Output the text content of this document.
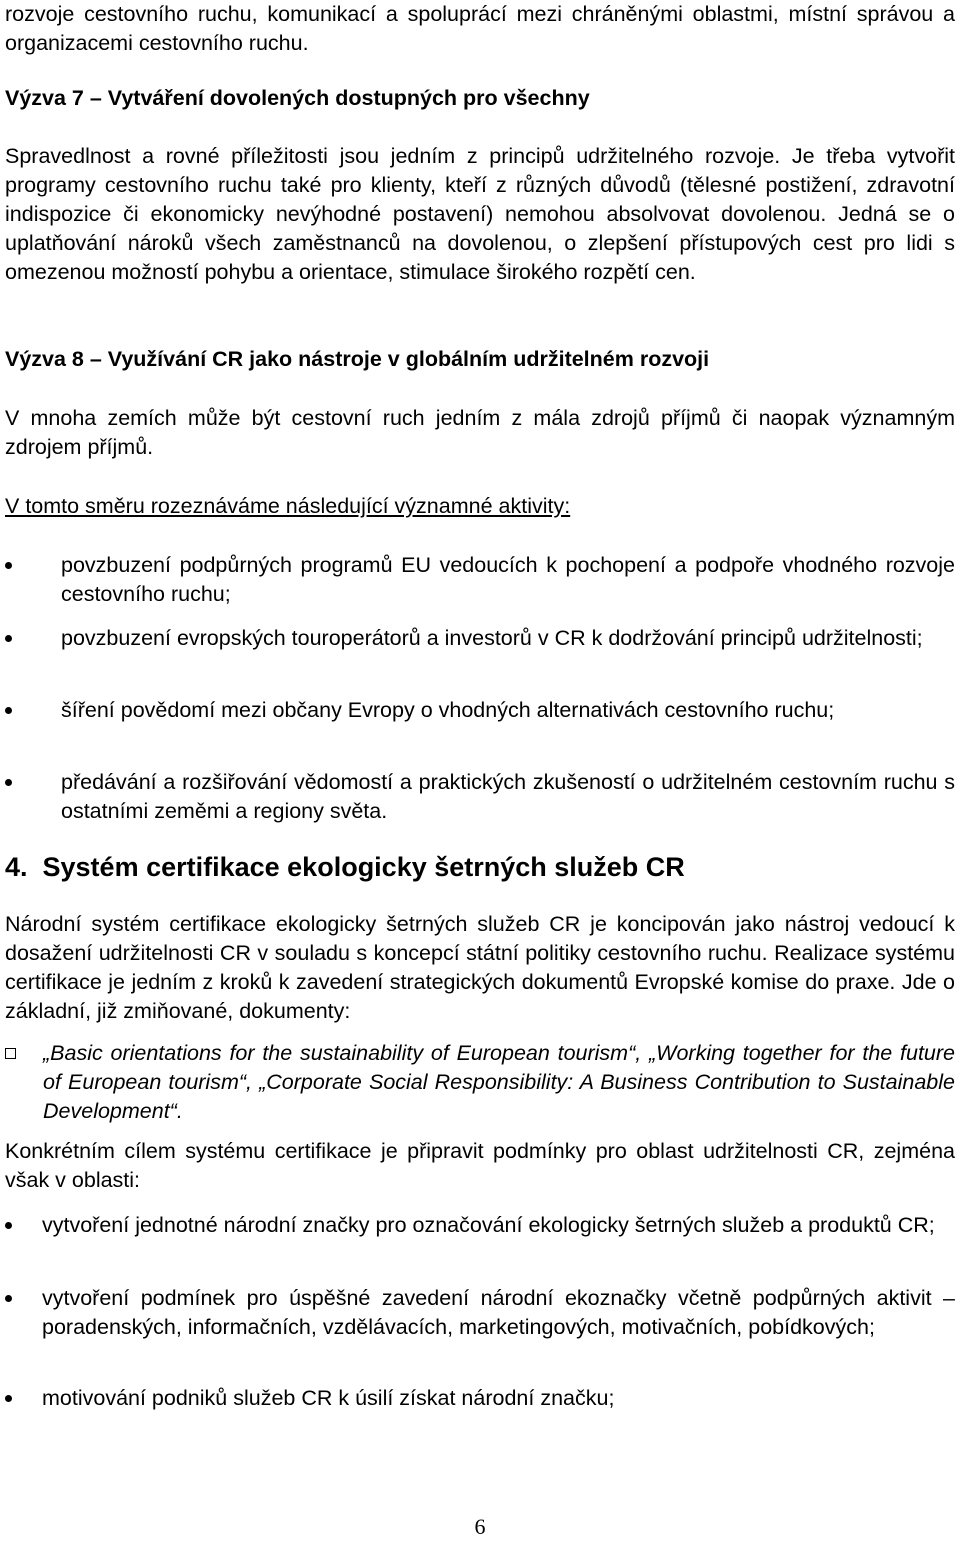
rozvoje cestovního ruchu, komunikací a spoluprácí mezi chráněnými oblastmi, místní správou a organizacemi cestovního ruchu.

Výzva 7 – Vytváření dovolených dostupných pro všechny

Spravedlnost a rovné příležitosti jsou jedním z principů udržitelného rozvoje. Je třeba vytvořit programy cestovního ruchu také pro klienty, kteří z různých důvodů (tělesné postižení, zdravotní indispozice či ekonomicky nevýhodné postavení) nemohou absolvovat dovolenou. Jedná se o uplatňování nároků všech zaměstnanců na dovolenou, o zlepšení přístupových cest pro lidi s omezenou možností pohybu a orientace, stimulace širokého rozpětí cen.

Výzva 8 – Využívání CR jako nástroje v globálním udržitelném rozvoji

V mnoha zemích může být cestovní ruch jedním z mála zdrojů příjmů či naopak významným zdrojem příjmů.

V tomto směru rozeznáváme následující významné aktivity:

povzbuzení podpůrných programů EU vedoucích k pochopení a podpoře vhodného rozvoje cestovního ruchu;
povzbuzení evropských touroperátorů a investorů v CR k dodržování principů udržitelnosti;
šíření povědomí mezi občany Evropy o vhodných alternativách cestovního ruchu;
předávání a rozšiřování vědomostí a praktických zkušeností o udržitelném cestovním ruchu s ostatními zeměmi a regiony světa.
4.  Systém certifikace ekologicky šetrných služeb CR

Národní systém certifikace ekologicky šetrných služeb CR je koncipován jako nástroj vedoucí k dosažení udržitelnosti CR v souladu s koncepcí státní politiky cestovního ruchu. Realizace systému certifikace je jedním z kroků k zavedení strategických dokumentů Evropské komise do praxe. Jde o základní, již zmiňované, dokumenty:

„Basic orientations for the sustainability of European tourism“, „Working together for the future of European tourism“, „Corporate Social Responsibility: A Business Contribution to Sustainable Development“.

Konkrétním cílem systému certifikace je připravit podmínky pro oblast udržitelnosti CR, zejména však v oblasti:

vytvoření jednotné národní značky pro označování ekologicky šetrných služeb a produktů CR;
vytvoření podmínek pro úspěšné zavedení národní ekoznačky včetně podpůrných aktivit – poradenských, informačních, vzdělávacích, marketingových, motivačních, pobídkových;
motivování podniků služeb CR k úsilí získat národní značku;
6
